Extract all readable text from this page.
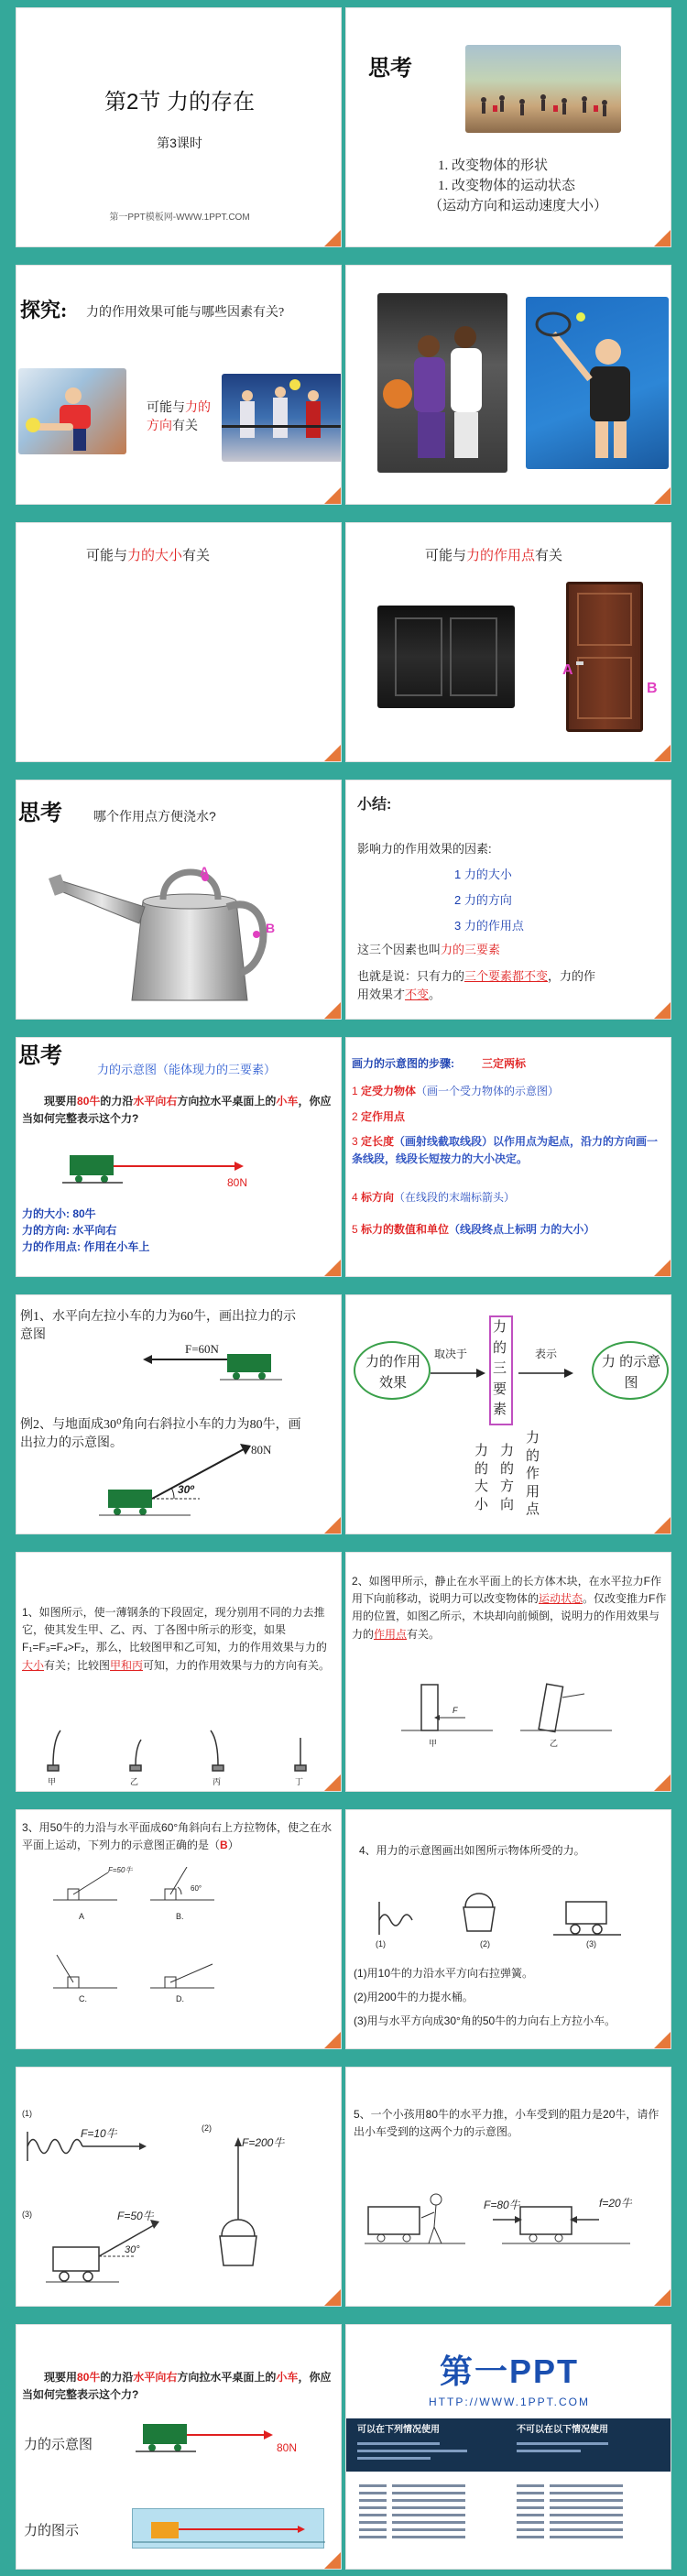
第2节 力的存在
第3课时
第一PPT模板网-WWW.1PPT.COM
思考
1. 改变物体的形状
1. 改变物体的运动状态
（运动方向和运动速度大小）
探究: 力的作用效果可能与哪些因素有关?
可能与力的方向有关
可能与力的大小有关	可能与力的作用点有关
A
B
思考 哪个作用点方便浇水?
A
B
小结:
影响力的作用效果的因素:
1 力的大小
2 力的方向
3 力的作用点
这三个因素也叫力的三要素
也就是说：只有力的三个要素都不变，力的作
用效果才不变。
思考
力的示意图（能体现力的三要素）
现要用80牛的力沿水平向右方向拉水平桌面上的小车，你应当如何完整表示这个力?
80N
力的大小: 80牛
力的方向: 水平向右
力的作用点: 作用在小车上
画力的示意图的步骤:	三定两标
1 定受力物体（画一个受力物体的示意图）
2 定作用点
3 定长度（画射线截取线段）以作用点为起点，沿力的方向画一条线段，线段长短按力的大小决定。
4 标方向（在线段的末端标箭头）
5 标力的数值和单位（线段终点上标明 力的大小）
例1、水平向左拉小车的力为60牛，画出拉力的示意图
F=60N
例2、与地面成30⁰角向右斜拉小车的力为80牛，画出拉力的示意图。	80N
30⁰
力的作用效果
取决于
力的三要素
表示	力 的示意图
力的大小
力的方向
力的作用点
1、如图所示，使一薄钢条的下段固定，现分别用不同的力去推它，使其发生甲、乙、丙、丁各图中所示的形变，如果F₁=F₃=F₄>F₂，那么，比较图甲和乙可知，力的作用效果与力的大小有关；比较图甲和丙可知，力的作用效果与力的方向有关。
甲	乙	丙	丁
2、如图甲所示，静止在水平面上的长方体木块，在水平拉力F作用下向前移动，说明力可以改变物体的运动状态。仅改变推力F作用的位置，如图乙所示，木块却向前倾倒，说明力的作用效果与力的作用点有关。
F
甲	乙
3、用50牛的力沿与水平面成60°角斜向右上方拉物体，使之在水平面上运动，下列力的示意图正确的是（B）
A	B.
C.	D.
F=50牛
60°
4、用力的示意图画出如图所示物体所受的力。
(1)	(2)	(3)
(1)用10牛的力沿水平方向右拉弹簧。
(2)用200牛的力提水桶。
(3)用与水平方向成30°角的50牛的力向右上方拉小车。
(1)
F=10牛	(2)
F=200牛
(3)	F=50牛
30°
5、一个小孩用80牛的水平力推，小车受到的阻力是20牛，请作出小车受到的这两个力的示意图。
F=80牛	f=20牛
现要用80牛的力沿水平向右方向拉水平桌面上的小车，你应当如何完整表示这个力?
力的示意图	80N
力的图示
第一PPT
HTTP://WWW.1PPT.COM
可以在下列情况使用	不可以在以下情况使用
